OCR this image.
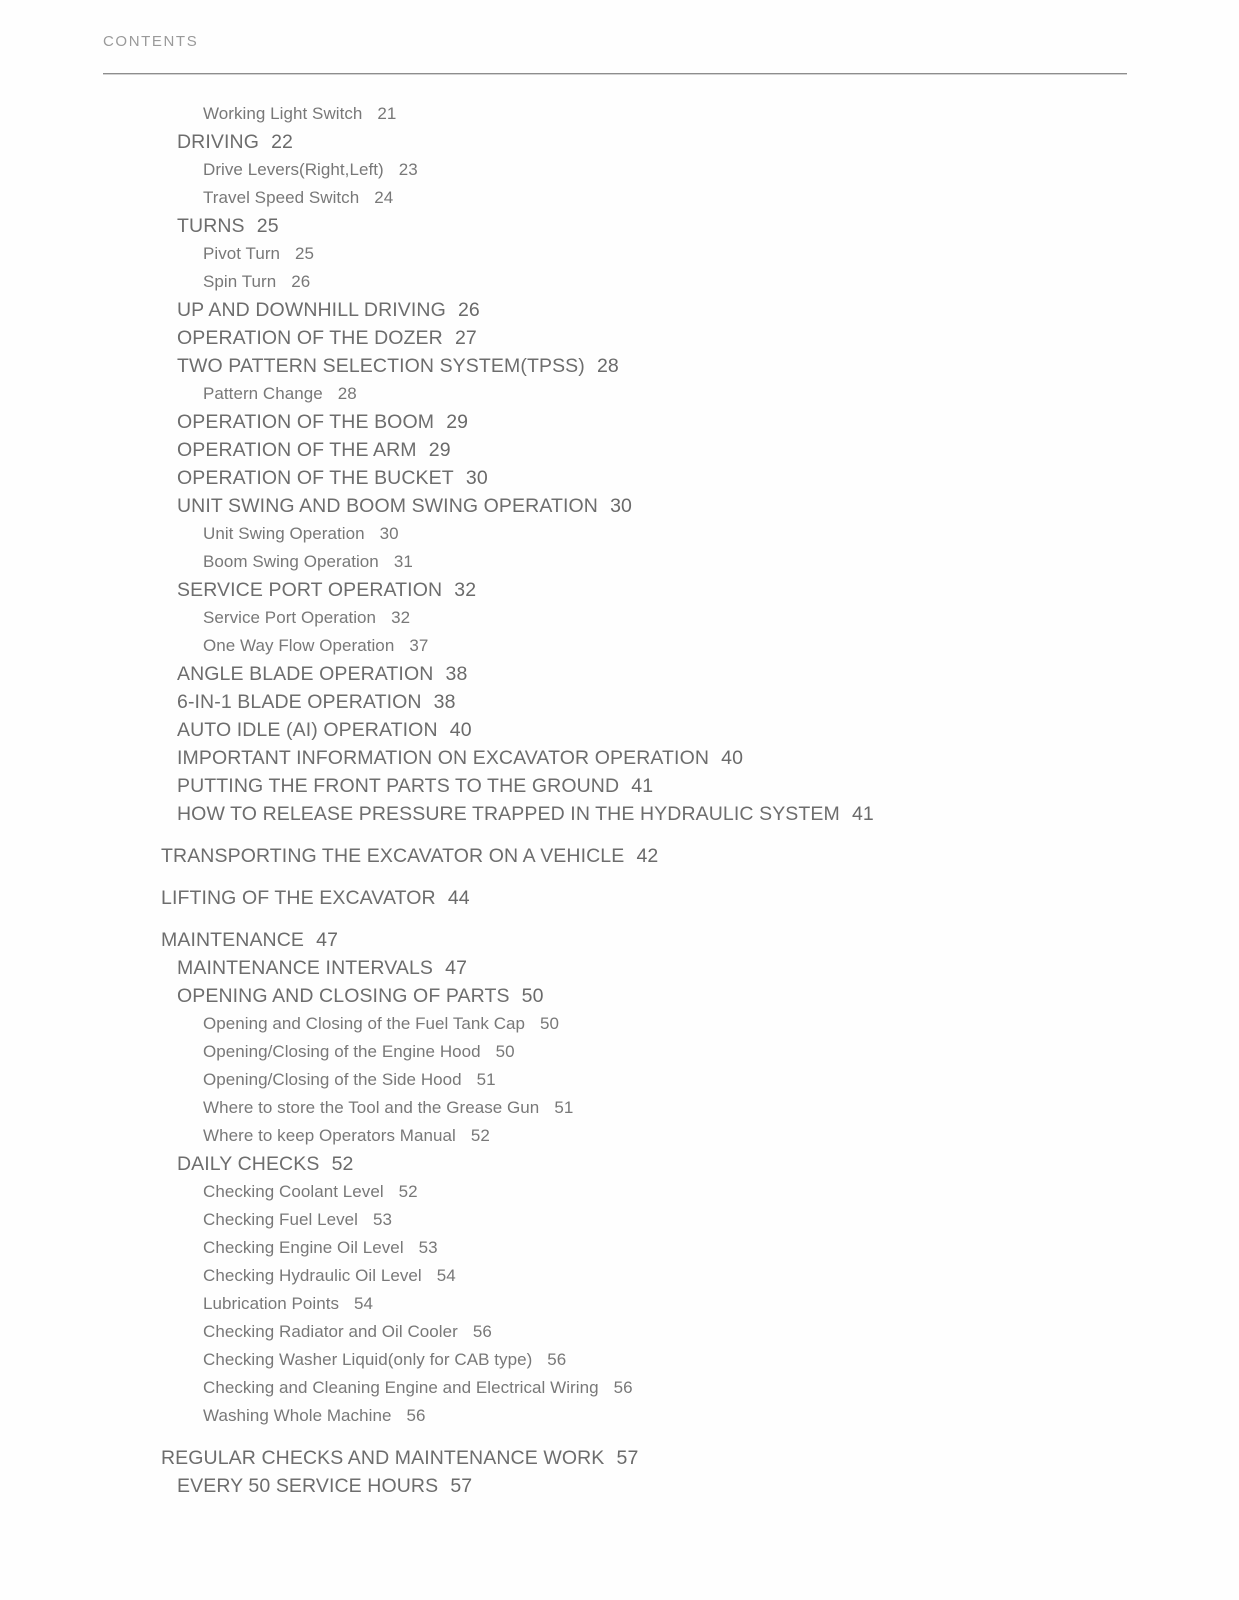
CONTENTS
Working Light Switch 21
DRIVING 22
Drive Levers(Right,Left) 23
Travel Speed Switch 24
TURNS 25
Pivot Turn 25
Spin Turn 26
UP AND DOWNHILL DRIVING 26
OPERATION OF THE DOZER 27
TWO PATTERN SELECTION SYSTEM(TPSS) 28
Pattern Change 28
OPERATION OF THE BOOM 29
OPERATION OF THE ARM 29
OPERATION OF THE BUCKET 30
UNIT SWING AND BOOM SWING OPERATION 30
Unit Swing Operation 30
Boom Swing Operation 31
SERVICE PORT OPERATION 32
Service Port Operation 32
One Way Flow Operation 37
ANGLE BLADE OPERATION 38
6-IN-1 BLADE OPERATION 38
AUTO IDLE (AI) OPERATION 40
IMPORTANT INFORMATION ON EXCAVATOR OPERATION 40
PUTTING THE FRONT PARTS TO THE GROUND 41
HOW TO RELEASE PRESSURE TRAPPED IN THE HYDRAULIC SYSTEM 41
TRANSPORTING THE EXCAVATOR ON A VEHICLE 42
LIFTING OF THE EXCAVATOR 44
MAINTENANCE 47
MAINTENANCE INTERVALS 47
OPENING AND CLOSING OF PARTS 50
Opening and Closing of the Fuel Tank Cap 50
Opening/Closing of the Engine Hood 50
Opening/Closing of the Side Hood 51
Where to store the Tool and the Grease Gun 51
Where to keep Operators Manual 52
DAILY CHECKS 52
Checking Coolant Level 52
Checking Fuel Level 53
Checking Engine Oil Level 53
Checking Hydraulic Oil Level 54
Lubrication Points 54
Checking Radiator and Oil Cooler 56
Checking Washer Liquid(only for CAB type) 56
Checking and Cleaning Engine and Electrical Wiring 56
Washing Whole Machine 56
REGULAR CHECKS AND MAINTENANCE WORK 57
EVERY 50 SERVICE HOURS 57
